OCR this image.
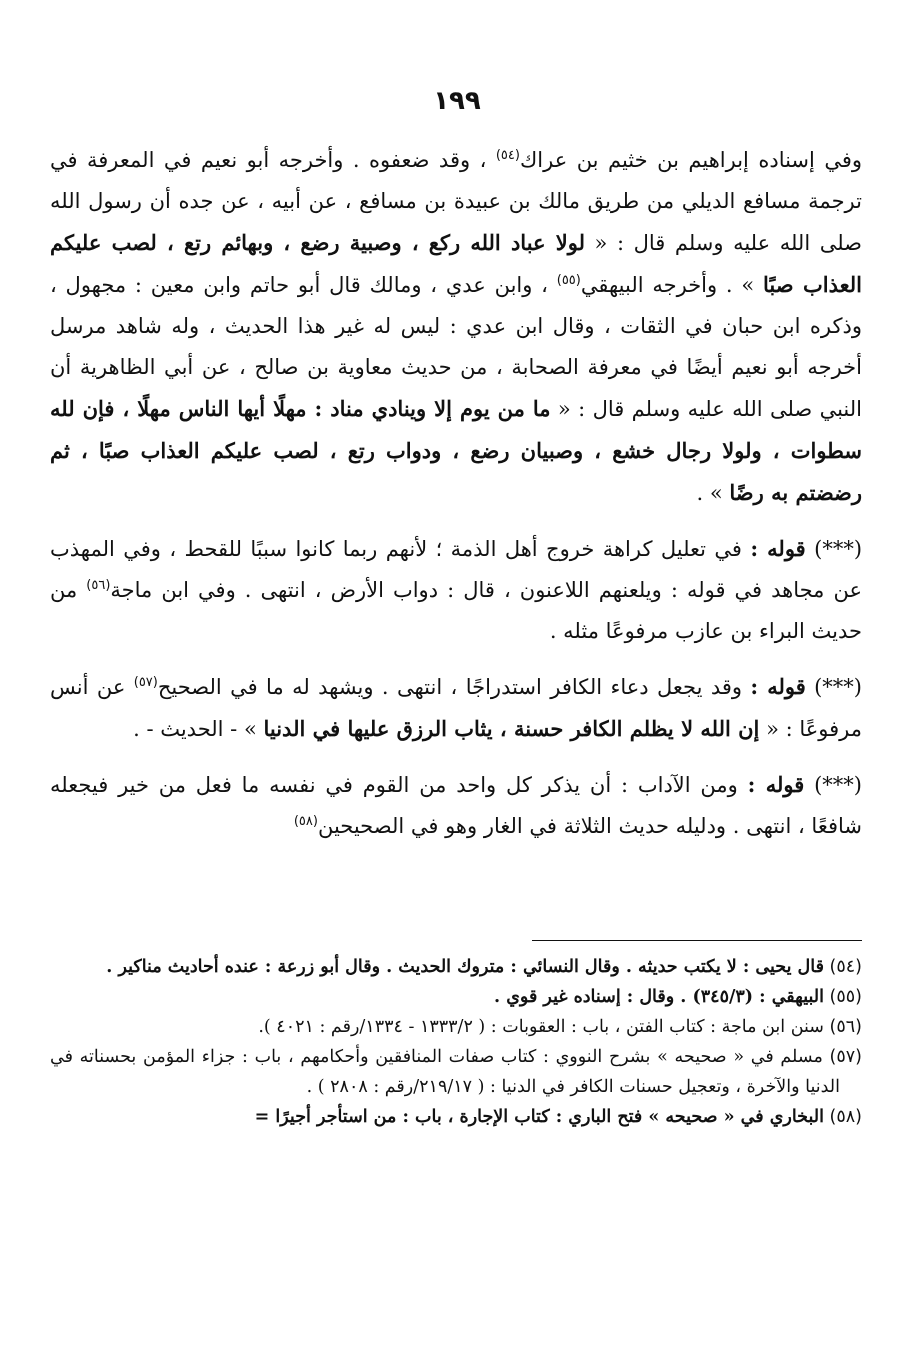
١٩٩

وفي إسناده إبراهيم بن خثيم بن عراك$^{(٥٤)}$ ، وقد ضعفوه . وأخرجه أبو نعيم في المعرفة في ترجمة مسافع الديلي من طريق مالك بن عبيدة بن مسافع ، عن أبيه ، عن جده أن رسول الله صلى الله عليه وسلم قال : « لولا عباد الله ركع ، وصبية رضع ، وبهائم رتع ، لصب عليكم العذاب صبًا » . وأخرجه البيهقي$^{(٥٥)}$ ، وابن عدي ، ومالك قال أبو حاتم وابن معين : مجهول ، وذكره ابن حبان في الثقات ، وقال ابن عدي : ليس له غير هذا الحديث ، وله شاهد مرسل أخرجه أبو نعيم أيضًا في معرفة الصحابة ، من حديث معاوية بن صالح ، عن أبي الظاهرية أن النبي صلى الله عليه وسلم قال : « ما من يوم إلا وينادي مناد : مهلًا أيها الناس مهلًا ، فإن لله سطوات ، ولولا رجال خشع ، وصبيان رضع ، ودواب رتع ، لصب عليكم العذاب صبًا ، ثم رضضتم به رضًا » .

(***) قوله : في تعليل كراهة خروج أهل الذمة ؛ لأنهم ربما كانوا سببًا للقحط ، وفي المهذب عن مجاهد في قوله : ويلعنهم اللاعنون ، قال : دواب الأرض ، انتهى . وفي ابن ماجة$^{(٥٦)}$ من حديث البراء بن عازب مرفوعًا مثله .

(***) قوله : وقد يجعل دعاء الكافر استدراجًا ، انتهى . ويشهد له ما في الصحيح$^{(٥٧)}$ عن أنس مرفوعًا : « إن الله لا يظلم الكافر حسنة ، يثاب الرزق عليها في الدنيا » - الحديث - .

(***) قوله : ومن الآداب : أن يذكر كل واحد من القوم في نفسه ما فعل من خير فيجعله شافعًا ، انتهى . ودليله حديث الثلاثة في الغار وهو في الصحيحين$^{(٥٨)}$

(٥٤) قال يحيى : لا يكتب حديثه . وقال النسائي : متروك الحديث . وقال أبو زرعة : عنده أحاديث مناكير .

(٥٥) البيهقي : (٣٤٥/٣) . وقال : إسناده غير قوي .

(٥٦) سنن ابن ماجة : كتاب الفتن ، باب : العقوبات : ( ١٣٣٣/٢ - ١٣٣٤/رقم : ٤٠٢١ ).

(٥٧) مسلم في « صحيحه » بشرح النووي : كتاب صفات المنافقين وأحكامهم ، باب : جزاء المؤمن بحسناته في الدنيا والآخرة ، وتعجيل حسنات الكافر في الدنيا : ( ٢١٩/١٧/رقم : ٢٨٠٨ ) .

(٥٨) البخاري في « صحيحه » فتح الباري : كتاب الإجارة ، باب : من استأجر أجيرًا =
